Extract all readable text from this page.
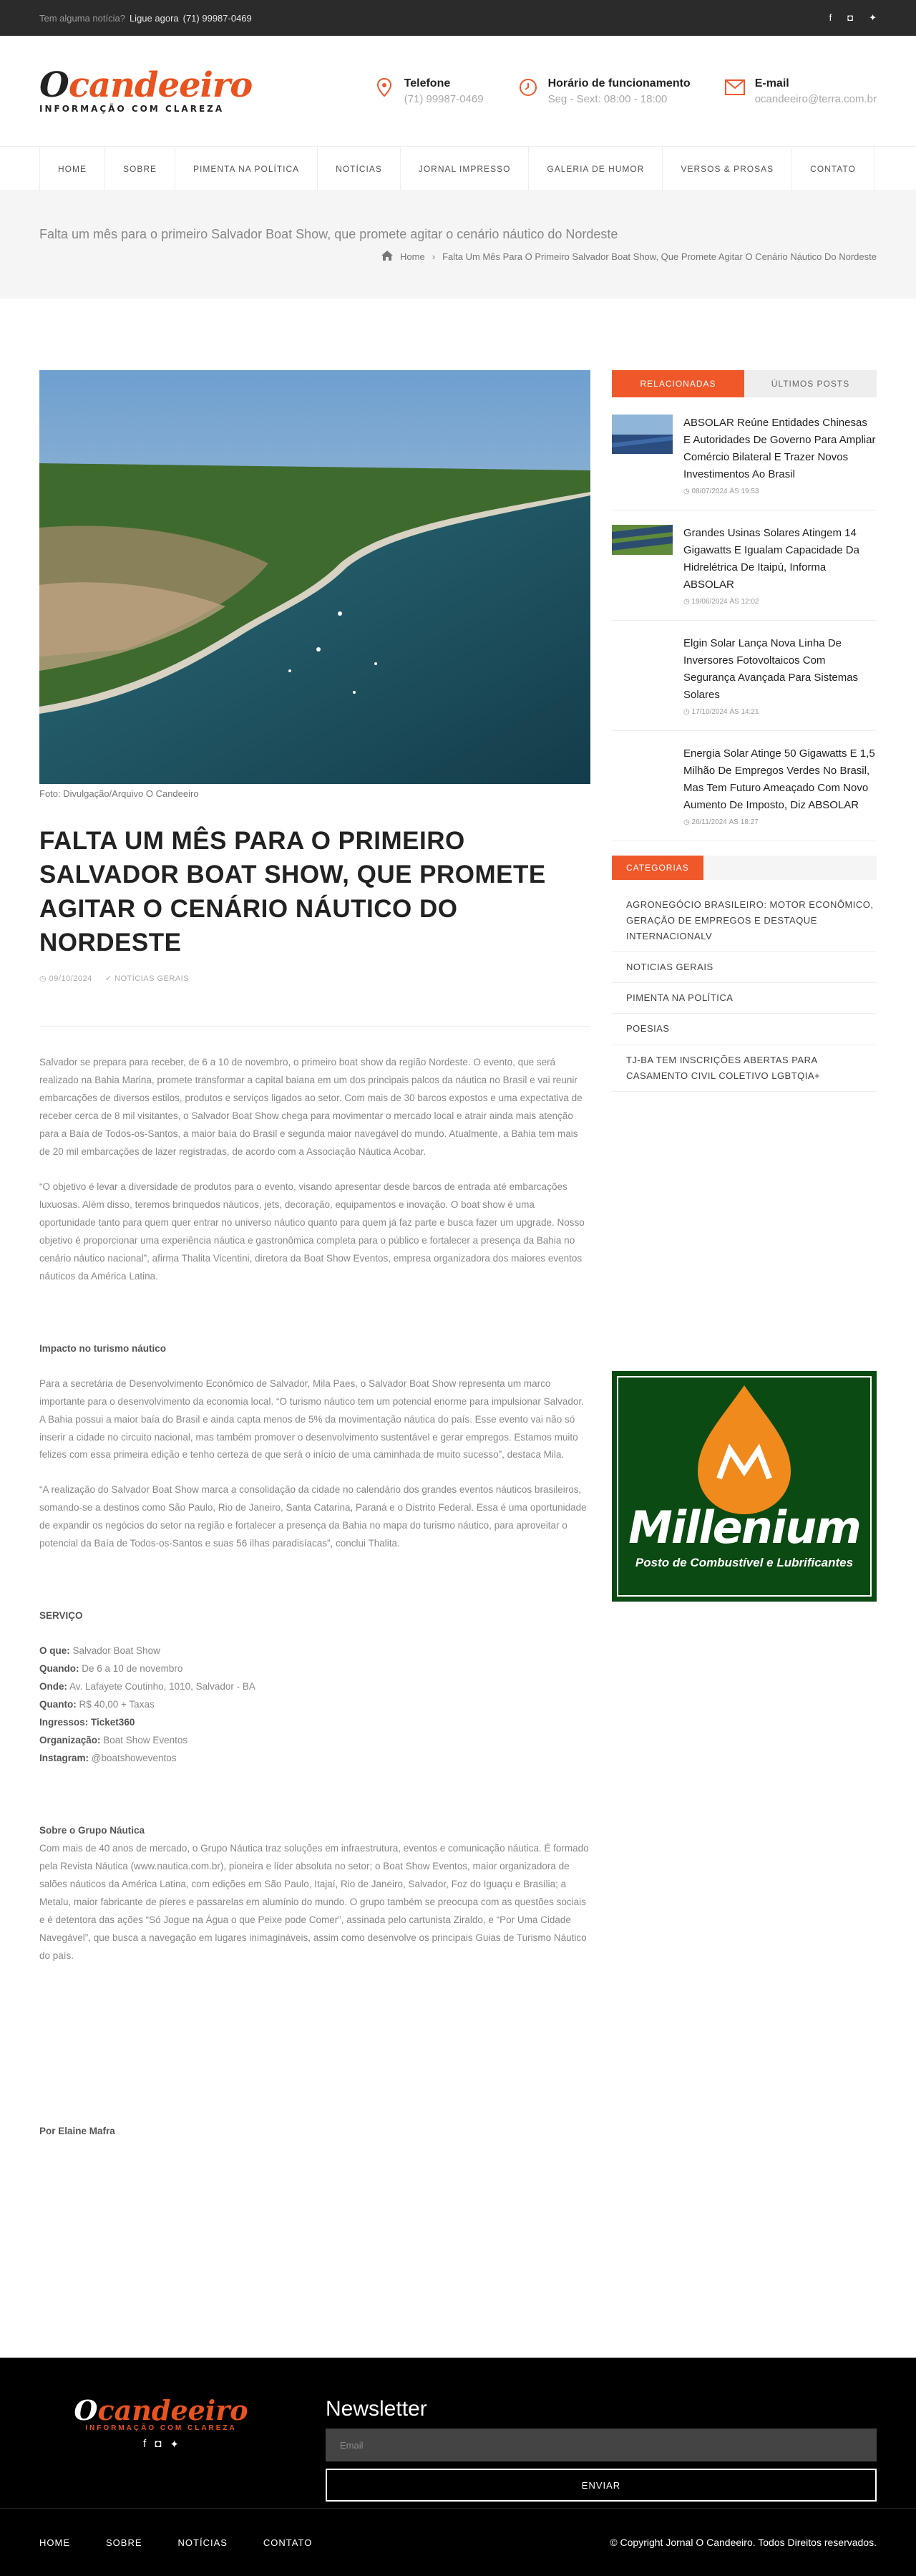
Tem alguma notícia? Ligue agora (71) 99987-0469	f ◘ ✦
Ocandeeiro
INFORMAÇÃO COM CLAREZA
Telefone
(71) 99987-0469
Horário de funcionamento
Seg - Sext: 08:00 - 18:00
E-mail
ocandeeiro@terra.com.br
HOME	SOBRE	PIMENTA NA POLÍTICA	NOTÍCIAS	JORNAL IMPRESSO	GALERIA DE HUMOR	VERSOS & PROSAS	CONTATO
Falta um mês para o primeiro Salvador Boat Show, que promete agitar o cenário náutico do Nordeste
Home › Falta Um Mês Para O Primeiro Salvador Boat Show, Que Promete Agitar O Cenário Náutico Do Nordeste
Foto: Divulgação/Arquivo O Candeeiro
FALTA UM MÊS PARA O PRIMEIRO SALVADOR BOAT SHOW, QUE PROMETE AGITAR O CENÁRIO NÁUTICO DO NORDESTE
◷ 09/10/2024 ✓ NOTÍCIAS GERAIS

Salvador se prepara para receber, de 6 a 10 de novembro, o primeiro boat show da região Nordeste. O evento, que será realizado na Bahia Marina, promete transformar a capital baiana em um dos principais palcos da náutica no Brasil e vai reunir embarcações de diversos estilos, produtos e serviços ligados ao setor. Com mais de 30 barcos expostos e uma expectativa de receber cerca de 8 mil visitantes, o Salvador Boat Show chega para movimentar o mercado local e atrair ainda mais atenção para a Baía de Todos-os-Santos, a maior baía do Brasil e segunda maior navegável do mundo. Atualmente, a Bahia tem mais de 20 mil embarcações de lazer registradas, de acordo com a Associação Náutica Acobar.

“O objetivo é levar a diversidade de produtos para o evento, visando apresentar desde barcos de entrada até embarcações luxuosas. Além disso, teremos brinquedos náuticos, jets, decoração, equipamentos e inovação. O boat show é uma oportunidade tanto para quem quer entrar no universo náutico quanto para quem já faz parte e busca fazer um upgrade. Nosso objetivo é proporcionar uma experiência náutica e gastronômica completa para o público e fortalecer a presença da Bahia no cenário náutico nacional”, afirma Thalita Vicentini, diretora da Boat Show Eventos, empresa organizadora dos maiores eventos náuticos da América Latina.

Impacto no turismo náutico

Para a secretária de Desenvolvimento Econômico de Salvador, Mila Paes, o Salvador Boat Show representa um marco importante para o desenvolvimento da economia local. “O turismo náutico tem um potencial enorme para impulsionar Salvador. A Bahia possui a maior baía do Brasil e ainda capta menos de 5% da movimentação náutica do país. Esse evento vai não só inserir a cidade no circuito nacional, mas também promover o desenvolvimento sustentável e gerar empregos. Estamos muito felizes com essa primeira edição e tenho certeza de que será o início de uma caminhada de muito sucesso”, destaca Mila.

“A realização do Salvador Boat Show marca a consolidação da cidade no calendário dos grandes eventos náuticos brasileiros, somando-se a destinos como São Paulo, Rio de Janeiro, Santa Catarina, Paraná e o Distrito Federal. Essa é uma oportunidade de expandir os negócios do setor na região e fortalecer a presença da Bahia no mapa do turismo náutico, para aproveitar o potencial da Baía de Todos-os-Santos e suas 56 ilhas paradisíacas”, conclui Thalita.

SERVIÇO

O que: Salvador Boat Show
Quando: De 6 a 10 de novembro
Onde: Av. Lafayete Coutinho, 1010, Salvador - BA
Quanto: R$ 40,00 + Taxas
Ingressos: Ticket360
Organização: Boat Show Eventos
Instagram: @boatshoweventos
Sobre o Grupo Náutica

Com mais de 40 anos de mercado, o Grupo Náutica traz soluções em infraestrutura, eventos e comunicação náutica. É formado pela Revista Náutica (www.nautica.com.br), pioneira e líder absoluta no setor; o Boat Show Eventos, maior organizadora de salões náuticos da América Latina, com edições em São Paulo, Itajaí, Rio de Janeiro, Salvador, Foz do Iguaçu e Brasília; a Metalu, maior fabricante de píeres e passarelas em alumínio do mundo. O grupo também se preocupa com as questões sociais e é detentora das ações “Só Jogue na Água o que Peixe pode Comer”, assinada pelo cartunista Ziraldo, e “Por Uma Cidade Navegável”, que busca a navegação em lugares inimagináveis, assim como desenvolve os principais Guias de Turismo Náutico do país.

Por Elaine Mafra

RELACIONADAS	ÚLTIMOS POSTS
ABSOLAR Reúne Entidades Chinesas E Autoridades De Governo Para Ampliar Comércio Bilateral E Trazer Novos Investimentos Ao Brasil
◷ 08/07/2024 ÀS 19:53
Grandes Usinas Solares Atingem 14 Gigawatts E Igualam Capacidade Da Hidrelétrica De Itaipú, Informa ABSOLAR
◷ 19/06/2024 ÀS 12:02
Elgin Solar Lança Nova Linha De Inversores Fotovoltaicos Com Segurança Avançada Para Sistemas Solares
◷ 17/10/2024 ÀS 14:21
Energia Solar Atinge 50 Gigawatts E 1,5 Milhão De Empregos Verdes No Brasil, Mas Tem Futuro Ameaçado Com Novo Aumento De Imposto, Diz ABSOLAR
◷ 26/11/2024 ÀS 18:27
CATEGORIAS
AGRONEGÓCIO BRASILEIRO: MOTOR ECONÔMICO, GERAÇÃO DE EMPREGOS E DESTAQUE INTERNACIONALV
NOTICIAS GERAIS
PIMENTA NA POLÍTICA
POESIAS
TJ-BA TEM INSCRIÇÕES ABERTAS PARA CASAMENTO CIVIL COLETIVO LGBTQIA+
Millenium
Posto de Combustível e Lubrificantes
Ocandeeiro
INFORMAÇÃO COM CLAREZA
f ◘ ✦
Newsletter
Email
ENVIAR
HOME	SOBRE	NOTÍCIAS	CONTATO	© Copyright Jornal O Candeeiro. Todos Direitos reservados.
